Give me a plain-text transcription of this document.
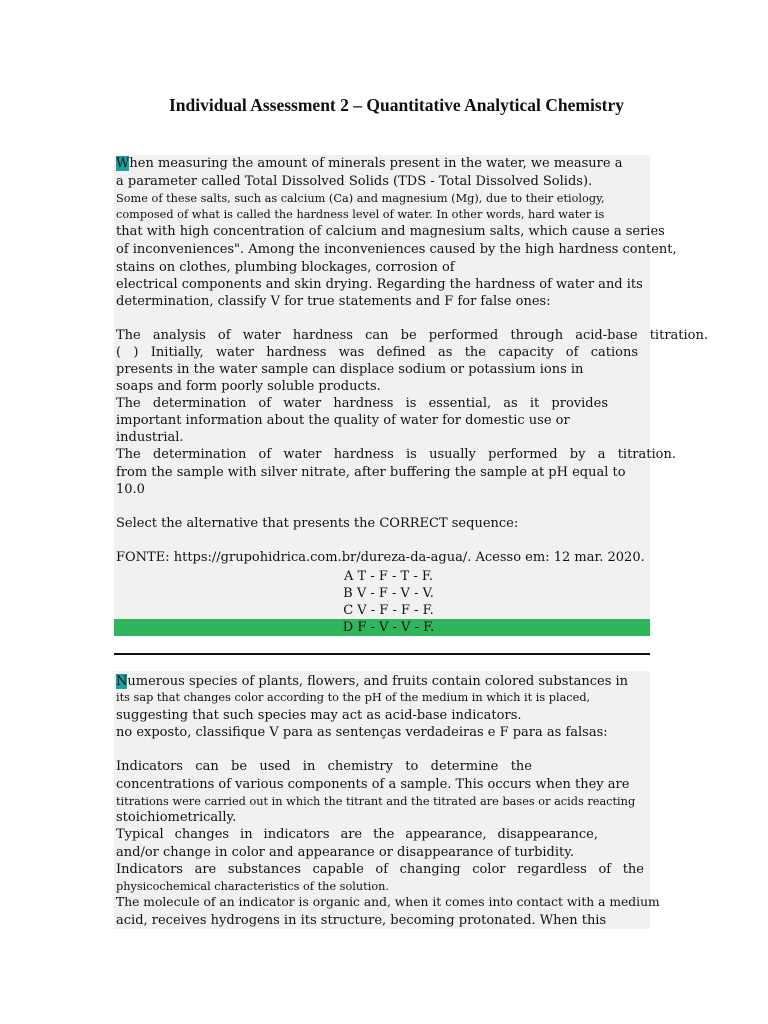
Individual Assessment 2 – Quantitative Analytical Chemistry
When measuring the amount of minerals present in the water, we measure a
a parameter called Total Dissolved Solids (TDS - Total Dissolved Solids).
Some of these salts, such as calcium (Ca) and magnesium (Mg), due to their etiology,
composed of what is called the hardness level of water. In other words, hard water is
that with high concentration of calcium and magnesium salts, which cause a series
of inconveniences". Among the inconveniences caused by the high hardness content,
stains on clothes, plumbing blockages, corrosion of
electrical components and skin drying. Regarding the hardness of water and its
determination, classify V for true statements and F for false ones:
The analysis of water hardness can be performed through acid-base titration.
( ) Initially, water hardness was defined as the capacity of cations
presents in the water sample can displace sodium or potassium ions in
soaps and form poorly soluble products.
The determination of water hardness is essential, as it provides
important information about the quality of water for domestic use or
industrial.
The determination of water hardness is usually performed by a titration.
from the sample with silver nitrate, after buffering the sample at pH equal to
10.0
Select the alternative that presents the CORRECT sequence:
FONTE: https://grupohidrica.com.br/dureza-da-agua/. Acesso em: 12 mar. 2020.
A T - F - T - F.
B V - F - V - V.
C V - F - F - F.
D F - V - V - F.
Numerous species of plants, flowers, and fruits contain colored substances in
its sap that changes color according to the pH of the medium in which it is placed,
suggesting that such species may act as acid-base indicators.
no exposto, classifique V para as sentenças verdadeiras e F para as falsas:
Indicators can be used in chemistry to determine the
concentrations of various components of a sample. This occurs when they are
titrations were carried out in which the titrant and the titrated are bases or acids reacting
stoichiometrically.
Typical changes in indicators are the appearance, disappearance,
and/or change in color and appearance or disappearance of turbidity.
Indicators are substances capable of changing color regardless of the
physicochemical characteristics of the solution.
The molecule of an indicator is organic and, when it comes into contact with a medium
acid, receives hydrogens in its structure, becoming protonated. When this
